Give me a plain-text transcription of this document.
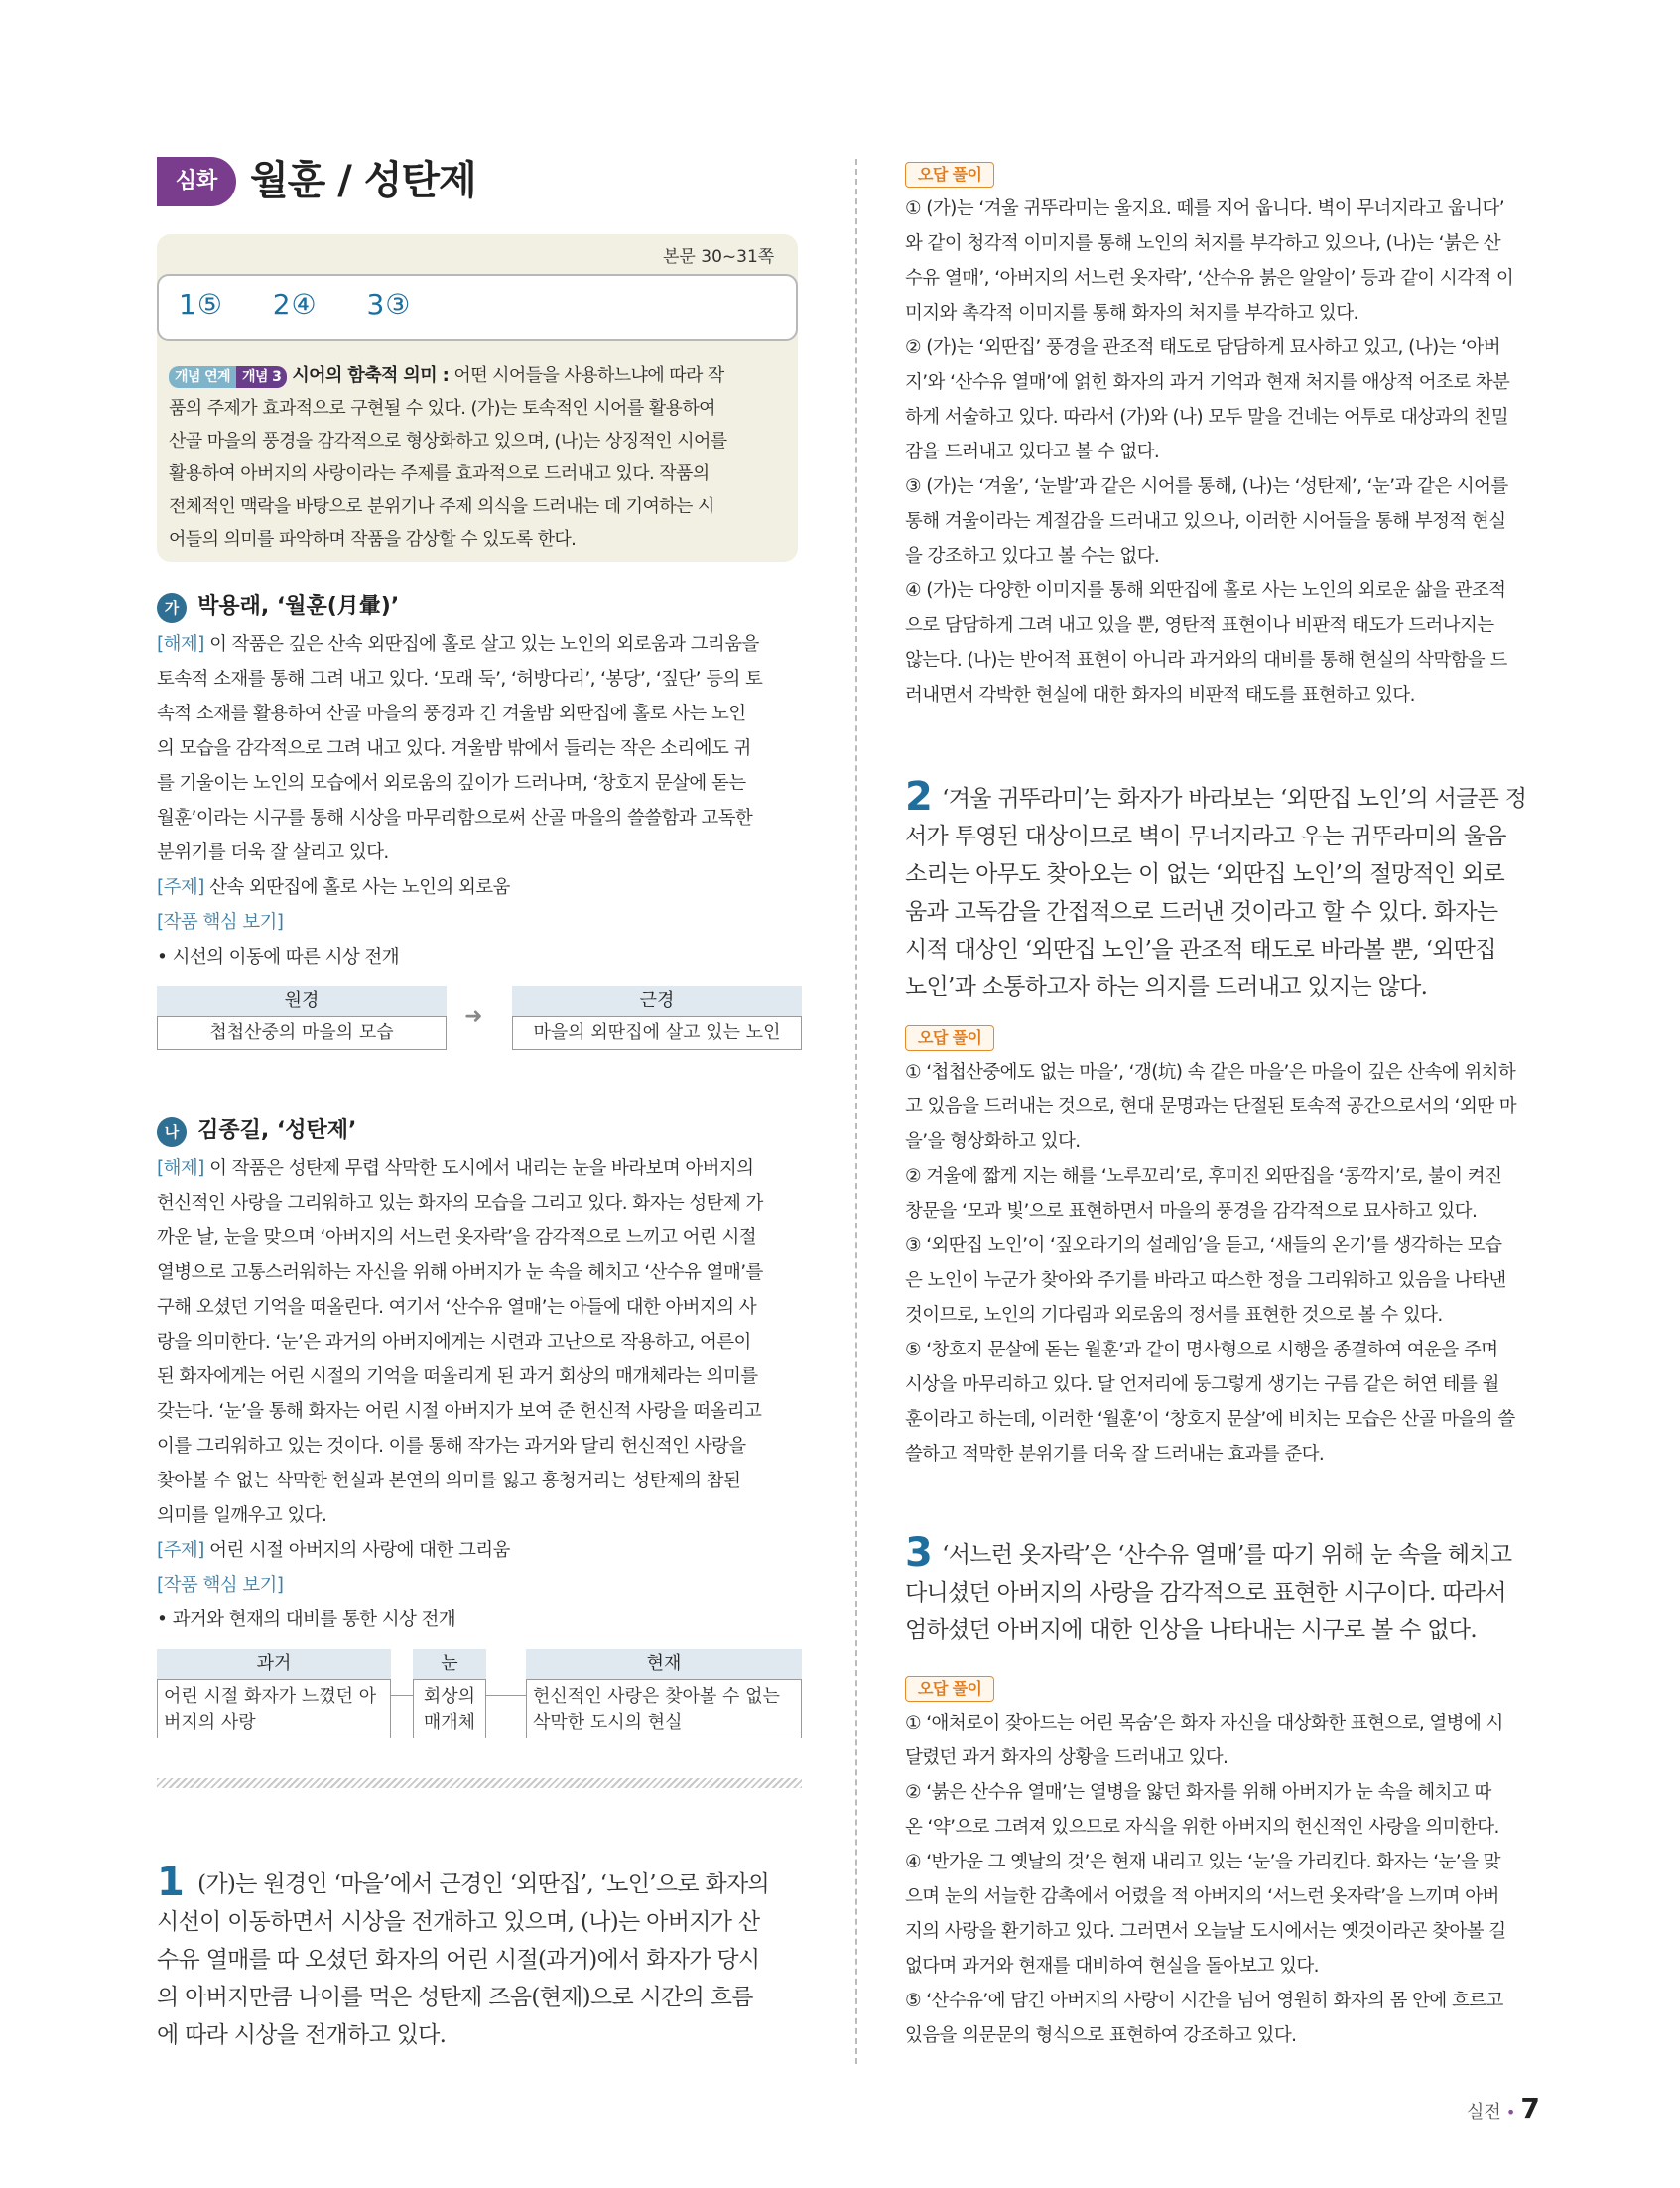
심화 월훈 / 성탄제
본문 30~31쪽
1⑤ 2④ 3③
개념 연계 개념 3 시어의 함축적 의미 : 어떤 시어들을 사용하느냐에 따라 작
품의 주제가 효과적으로 구현될 수 있다. (가)는 토속적인 시어를 활용하여
산골 마을의 풍경을 감각적으로 형상화하고 있으며, (나)는 상징적인 시어를
활용하여 아버지의 사랑이라는 주제를 효과적으로 드러내고 있다. 작품의
전체적인 맥락을 바탕으로 분위기나 주제 의식을 드러내는 데 기여하는 시
어들의 의미를 파악하며 작품을 감상할 수 있도록 한다.
가 박용래, ‘월훈(月暈)’
[해제] 이 작품은 깊은 산속 외딴집에 홀로 살고 있는 노인의 외로움과 그리움을
토속적 소재를 통해 그려 내고 있다. ‘모래 둑’, ‘허방다리’, ‘봉당’, ‘짚단’ 등의 토
속적 소재를 활용하여 산골 마을의 풍경과 긴 겨울밤 외딴집에 홀로 사는 노인
의 모습을 감각적으로 그려 내고 있다. 겨울밤 밖에서 들리는 작은 소리에도 귀
를 기울이는 노인의 모습에서 외로움의 깊이가 드러나며, ‘창호지 문살에 돋는
월훈’이라는 시구를 통해 시상을 마무리함으로써 산골 마을의 쓸쓸함과 고독한
분위기를 더욱 잘 살리고 있다.
[주제] 산속 외딴집에 홀로 사는 노인의 외로움
[작품 핵심 보기]
• 시선의 이동에 따른 시상 전개
원경
첩첩산중의 마을의 모습
➜
근경
마을의 외딴집에 살고 있는 노인
나 김종길, ‘성탄제’
[해제] 이 작품은 성탄제 무렵 삭막한 도시에서 내리는 눈을 바라보며 아버지의
헌신적인 사랑을 그리워하고 있는 화자의 모습을 그리고 있다. 화자는 성탄제 가
까운 날, 눈을 맞으며 ‘아버지의 서느런 옷자락’을 감각적으로 느끼고 어린 시절
열병으로 고통스러워하는 자신을 위해 아버지가 눈 속을 헤치고 ‘산수유 열매’를
구해 오셨던 기억을 떠올린다. 여기서 ‘산수유 열매’는 아들에 대한 아버지의 사
랑을 의미한다. ‘눈’은 과거의 아버지에게는 시련과 고난으로 작용하고, 어른이
된 화자에게는 어린 시절의 기억을 떠올리게 된 과거 회상의 매개체라는 의미를
갖는다. ‘눈’을 통해 화자는 어린 시절 아버지가 보여 준 헌신적 사랑을 떠올리고
이를 그리워하고 있는 것이다. 이를 통해 작가는 과거와 달리 헌신적인 사랑을
찾아볼 수 없는 삭막한 현실과 본연의 의미를 잃고 흥청거리는 성탄제의 참된
의미를 일깨우고 있다.
[주제] 어린 시절 아버지의 사랑에 대한 그리움
[작품 핵심 보기]
• 과거와 현재의 대비를 통한 시상 전개
과거
어린 시절 화자가 느꼈던 아버지의 사랑
눈
회상의 매개체
현재
헌신적인 사랑은 찾아볼 수 없는 삭막한 도시의 현실
1 (가)는 원경인 ‘마을’에서 근경인 ‘외딴집’, ‘노인’으로 화자의
시선이 이동하면서 시상을 전개하고 있으며, (나)는 아버지가 산
수유 열매를 따 오셨던 화자의 어린 시절(과거)에서 화자가 당시
의 아버지만큼 나이를 먹은 성탄제 즈음(현재)으로 시간의 흐름
에 따라 시상을 전개하고 있다.
오답 풀이
① (가)는 ‘겨울 귀뚜라미는 울지요. 떼를 지어 웁니다. 벽이 무너지라고 웁니다’
와 같이 청각적 이미지를 통해 노인의 처지를 부각하고 있으나, (나)는 ‘붉은 산
수유 열매’, ‘아버지의 서느런 옷자락’, ‘산수유 붉은 알알이’ 등과 같이 시각적 이
미지와 촉각적 이미지를 통해 화자의 처지를 부각하고 있다.
② (가)는 ‘외딴집’ 풍경을 관조적 태도로 담담하게 묘사하고 있고, (나)는 ‘아버
지’와 ‘산수유 열매’에 얽힌 화자의 과거 기억과 현재 처지를 애상적 어조로 차분
하게 서술하고 있다. 따라서 (가)와 (나) 모두 말을 건네는 어투로 대상과의 친밀
감을 드러내고 있다고 볼 수 없다.
③ (가)는 ‘겨울’, ‘눈발’과 같은 시어를 통해, (나)는 ‘성탄제’, ‘눈’과 같은 시어를
통해 겨울이라는 계절감을 드러내고 있으나, 이러한 시어들을 통해 부정적 현실
을 강조하고 있다고 볼 수는 없다.
④ (가)는 다양한 이미지를 통해 외딴집에 홀로 사는 노인의 외로운 삶을 관조적
으로 담담하게 그려 내고 있을 뿐, 영탄적 표현이나 비판적 태도가 드러나지는
않는다. (나)는 반어적 표현이 아니라 과거와의 대비를 통해 현실의 삭막함을 드
러내면서 각박한 현실에 대한 화자의 비판적 태도를 표현하고 있다.
2 ‘겨울 귀뚜라미’는 화자가 바라보는 ‘외딴집 노인’의 서글픈 정
서가 투영된 대상이므로 벽이 무너지라고 우는 귀뚜라미의 울음
소리는 아무도 찾아오는 이 없는 ‘외딴집 노인’의 절망적인 외로
움과 고독감을 간접적으로 드러낸 것이라고 할 수 있다. 화자는
시적 대상인 ‘외딴집 노인’을 관조적 태도로 바라볼 뿐, ‘외딴집
노인’과 소통하고자 하는 의지를 드러내고 있지는 않다.
오답 풀이
① ‘첩첩산중에도 없는 마을’, ‘갱(坑) 속 같은 마을’은 마을이 깊은 산속에 위치하
고 있음을 드러내는 것으로, 현대 문명과는 단절된 토속적 공간으로서의 ‘외딴 마
을’을 형상화하고 있다.
② 겨울에 짧게 지는 해를 ‘노루꼬리’로, 후미진 외딴집을 ‘콩깍지’로, 불이 켜진
창문을 ‘모과 빛’으로 표현하면서 마을의 풍경을 감각적으로 묘사하고 있다.
③ ‘외딴집 노인’이 ‘짚오라기의 설레임’을 듣고, ‘새들의 온기’를 생각하는 모습
은 노인이 누군가 찾아와 주기를 바라고 따스한 정을 그리워하고 있음을 나타낸
것이므로, 노인의 기다림과 외로움의 정서를 표현한 것으로 볼 수 있다.
⑤ ‘창호지 문살에 돋는 월훈’과 같이 명사형으로 시행을 종결하여 여운을 주며
시상을 마무리하고 있다. 달 언저리에 둥그렇게 생기는 구름 같은 허연 테를 월
훈이라고 하는데, 이러한 ‘월훈’이 ‘창호지 문살’에 비치는 모습은 산골 마을의 쓸
쓸하고 적막한 분위기를 더욱 잘 드러내는 효과를 준다.
3 ‘서느런 옷자락’은 ‘산수유 열매’를 따기 위해 눈 속을 헤치고
다니셨던 아버지의 사랑을 감각적으로 표현한 시구이다. 따라서
엄하셨던 아버지에 대한 인상을 나타내는 시구로 볼 수 없다.
오답 풀이
① ‘애처로이 잦아드는 어린 목숨’은 화자 자신을 대상화한 표현으로, 열병에 시
달렸던 과거 화자의 상황을 드러내고 있다.
② ‘붉은 산수유 열매’는 열병을 앓던 화자를 위해 아버지가 눈 속을 헤치고 따
온 ‘약’으로 그려져 있으므로 자식을 위한 아버지의 헌신적인 사랑을 의미한다.
④ ‘반가운 그 옛날의 것’은 현재 내리고 있는 ‘눈’을 가리킨다. 화자는 ‘눈’을 맞
으며 눈의 서늘한 감촉에서 어렸을 적 아버지의 ‘서느런 옷자락’을 느끼며 아버
지의 사랑을 환기하고 있다. 그러면서 오늘날 도시에서는 옛것이라곤 찾아볼 길
없다며 과거와 현재를 대비하여 현실을 돌아보고 있다.
⑤ ‘산수유’에 담긴 아버지의 사랑이 시간을 넘어 영원히 화자의 몸 안에 흐르고
있음을 의문문의 형식으로 표현하여 강조하고 있다.
실전 • 7
